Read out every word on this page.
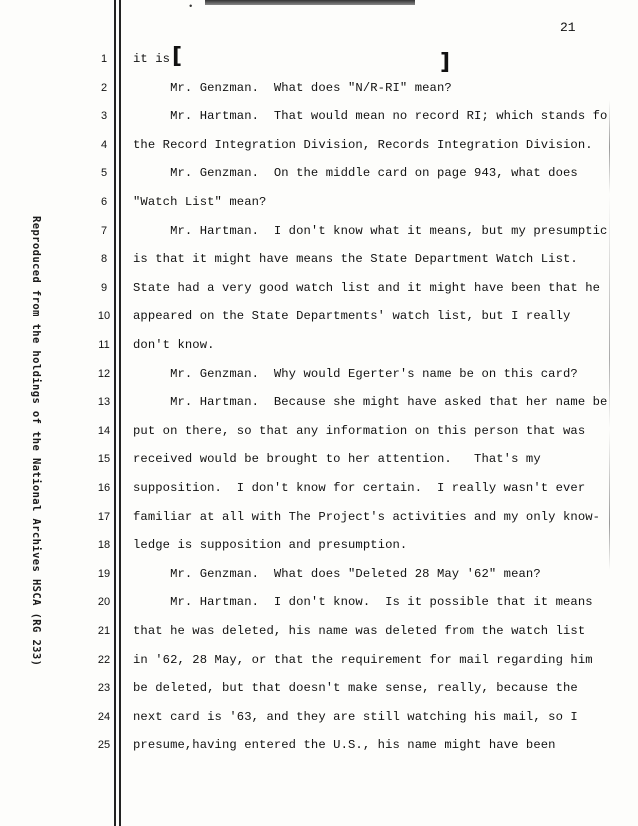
•
21
Reproduced from the holdings of the National Archives HSCA (RG 233)
[	]
1	it is
2	Mr. Genzman.  What does "N/R-RI" mean?
3	Mr. Hartman.  That would mean no record RI; which stands fo
4	the Record Integration Division, Records Integration Division.
5	Mr. Genzman.  On the middle card on page 943, what does
6	"Watch List" mean?
7	Mr. Hartman.  I don't know what it means, but my presumptic
8	is that it might have means the State Department Watch List.
9	State had a very good watch list and it might have been that he
10	appeared on the State Departments' watch list, but I really
11	don't know.
12	Mr. Genzman.  Why would Egerter's name be on this card?
13	Mr. Hartman.  Because she might have asked that her name be
14	put on there, so that any information on this person that was
15	received would be brought to her attention.   That's my
16	supposition.  I don't know for certain.  I really wasn't ever
17	familiar at all with The Project's activities and my only know-
18	ledge is supposition and presumption.
19	Mr. Genzman.  What does "Deleted 28 May '62" mean?
20	Mr. Hartman.  I don't know.  Is it possible that it means
21	that he was deleted, his name was deleted from the watch list
22	in '62, 28 May, or that the requirement for mail regarding him
23	be deleted, but that doesn't make sense, really, because the
24	next card is '63, and they are still watching his mail, so I
25	presume,having entered the U.S., his name might have been
